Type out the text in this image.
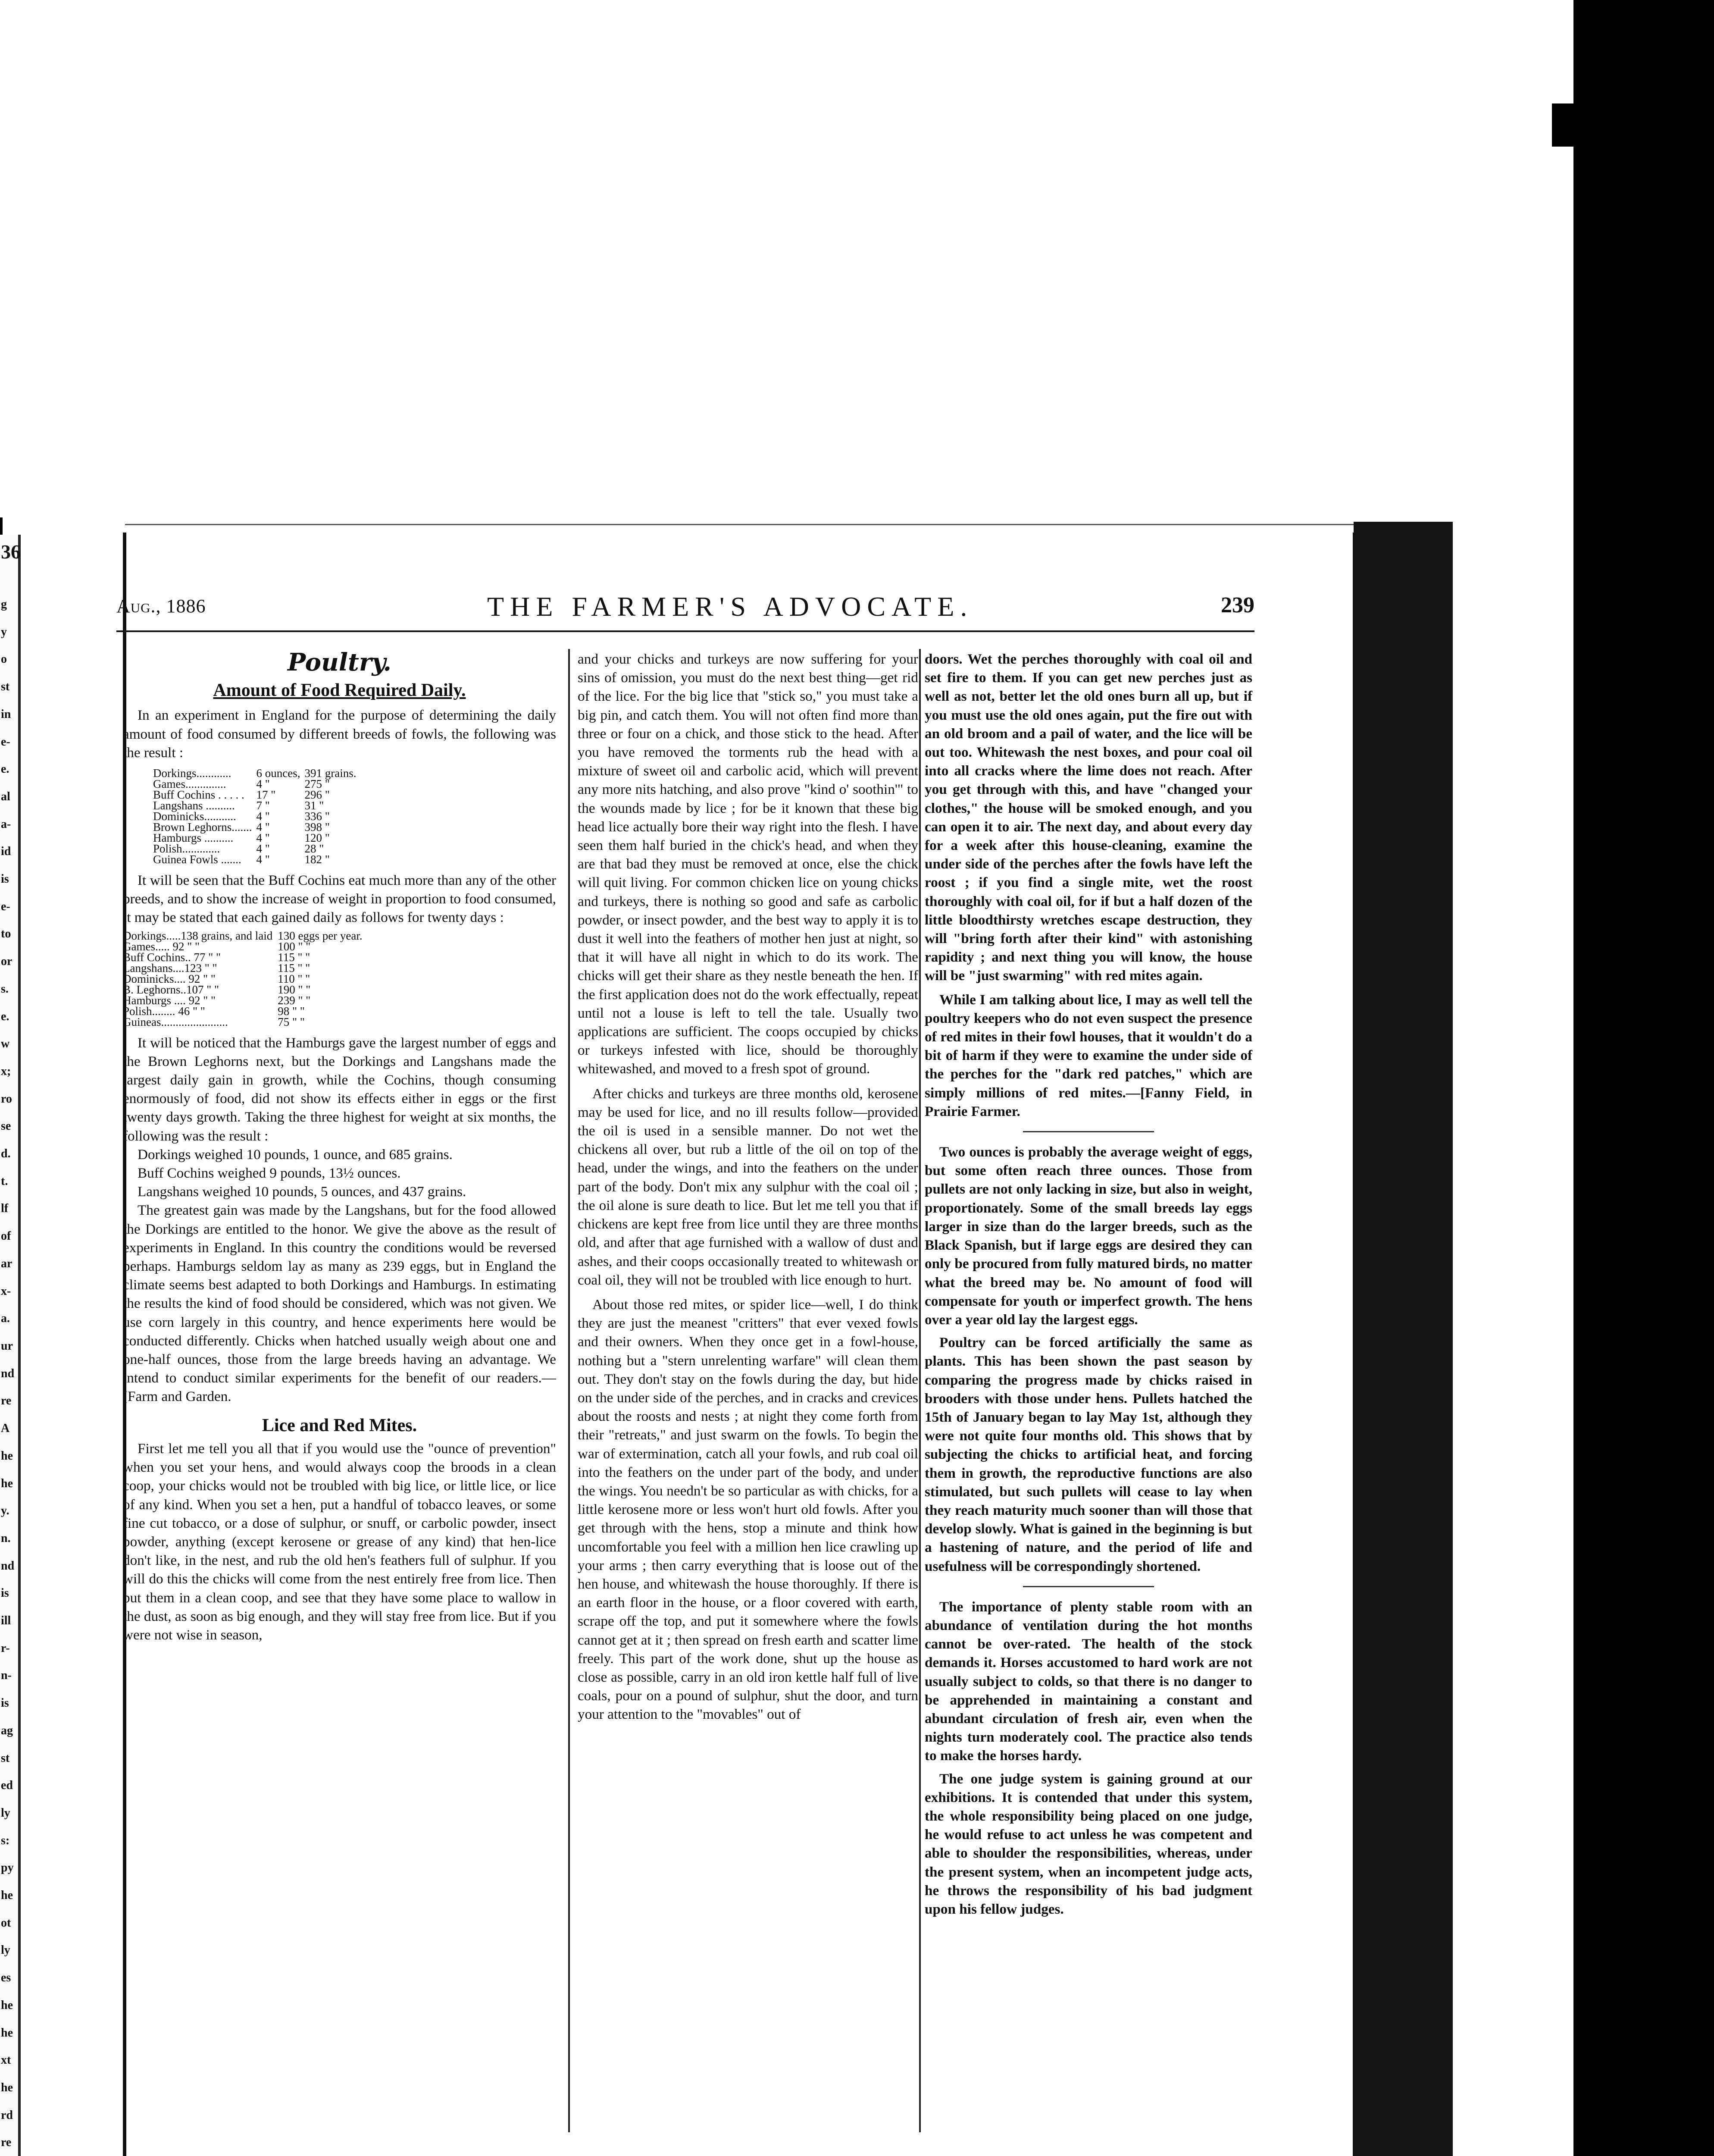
36
g
y
o
st
in
e-
e.
al
a-
id
is
e-
to
or
s.
e.
w
x;
ro
se
d.
t.
lf
of
ar
x-
a.
ur
nd
re
A
he
he
y.
n.
nd
is
ill
r-
n-
is
ag
st
ed
ly
s:
py
he
ot
ly
es
he
he
xt
he
rd
re
Aug., 1886	THE FARMER'S ADVOCATE.	239
Poultry.
Amount of Food Required Daily.

In an experiment in England for the purpose of determining the daily amount of food consumed by different breeds of fowls, the following was the result :

Dorkings............	6 ounces,	391 grains.
Games..............	4 "	275 "
Buff Cochins . . . . .	17 "	296 "
Langshans ..........	7 "	31 "
Dominicks...........	4 "	336 "
Brown Leghorns.......	4 "	398 "
Hamburgs ..........	4 "	120 "
Polish.............	4 "	28 "
Guinea Fowls .......	4 "	182 "

It will be seen that the Buff Cochins eat much more than any of the other breeds, and to show the increase of weight in proportion to food consumed, it may be stated that each gained daily as follows for twenty days :

Dorkings.....138 grains, and laid	130 eggs per year.
Games..... 92 " "	100 " "
Buff Cochins.. 77 " "	115 " "
Langshans....123 " "	115 " "
Dominicks.... 92 " "	110 " "
B. Leghorns..107 " "	190 " "
Hamburgs .... 92 " "	239 " "
Polish........ 46 " "	98 " "
Guineas.......................	75 " "

It will be noticed that the Hamburgs gave the largest number of eggs and the Brown Leghorns next, but the Dorkings and Langshans made the largest daily gain in growth, while the Cochins, though consuming enormously of food, did not show its effects either in eggs or the first twenty days growth. Taking the three highest for weight at six months, the following was the result :

Dorkings weighed 10 pounds, 1 ounce, and 685 grains.

Buff Cochins weighed 9 pounds, 13½ ounces.

Langshans weighed 10 pounds, 5 ounces, and 437 grains.

The greatest gain was made by the Langshans, but for the food allowed the Dorkings are entitled to the honor. We give the above as the result of experiments in England. In this country the conditions would be reversed perhaps. Hamburgs seldom lay as many as 239 eggs, but in England the climate seems best adapted to both Dorkings and Hamburgs. In estimating the results the kind of food should be considered, which was not given. We use corn largely in this country, and hence experiments here would be conducted differently. Chicks when hatched usually weigh about one and one-half ounces, those from the large breeds having an advantage. We intend to conduct similar experiments for the benefit of our readers.—[Farm and Garden.

Lice and Red Mites.

First let me tell you all that if you would use the "ounce of prevention" when you set your hens, and would always coop the broods in a clean coop, your chicks would not be troubled with big lice, or little lice, or lice of any kind. When you set a hen, put a handful of tobacco leaves, or some fine cut tobacco, or a dose of sulphur, or snuff, or carbolic powder, insect powder, anything (except kerosene or grease of any kind) that hen-lice don't like, in the nest, and rub the old hen's feathers full of sulphur. If you will do this the chicks will come from the nest entirely free from lice. Then put them in a clean coop, and see that they have some place to wallow in the dust, as soon as big enough, and they will stay free from lice. But if you were not wise in season,

and your chicks and turkeys are now suffering for your sins of omission, you must do the next best thing—get rid of the lice. For the big lice that "stick so," you must take a big pin, and catch them. You will not often find more than three or four on a chick, and those stick to the head. After you have removed the torments rub the head with a mixture of sweet oil and carbolic acid, which will prevent any more nits hatching, and also prove "kind o' soothin'" to the wounds made by lice ; for be it known that these big head lice actually bore their way right into the flesh. I have seen them half buried in the chick's head, and when they are that bad they must be removed at once, else the chick will quit living. For common chicken lice on young chicks and turkeys, there is nothing so good and safe as carbolic powder, or insect powder, and the best way to apply it is to dust it well into the feathers of mother hen just at night, so that it will have all night in which to do its work. The chicks will get their share as they nestle beneath the hen. If the first application does not do the work effectually, repeat until not a louse is left to tell the tale. Usually two applications are sufficient. The coops occupied by chicks or turkeys infested with lice, should be thoroughly whitewashed, and moved to a fresh spot of ground.

After chicks and turkeys are three months old, kerosene may be used for lice, and no ill results follow—provided the oil is used in a sensible manner. Do not wet the chickens all over, but rub a little of the oil on top of the head, under the wings, and into the feathers on the under part of the body. Don't mix any sulphur with the coal oil ; the oil alone is sure death to lice. But let me tell you that if chickens are kept free from lice until they are three months old, and after that age furnished with a wallow of dust and ashes, and their coops occasionally treated to whitewash or coal oil, they will not be troubled with lice enough to hurt.

About those red mites, or spider lice—well, I do think they are just the meanest "critters" that ever vexed fowls and their owners. When they once get in a fowl-house, nothing but a "stern unrelenting warfare" will clean them out. They don't stay on the fowls during the day, but hide on the under side of the perches, and in cracks and crevices about the roosts and nests ; at night they come forth from their "retreats," and just swarm on the fowls. To begin the war of extermination, catch all your fowls, and rub coal oil into the feathers on the under part of the body, and under the wings. You needn't be so particular as with chicks, for a little kerosene more or less won't hurt old fowls. After you get through with the hens, stop a minute and think how uncomfortable you feel with a million hen lice crawling up your arms ; then carry everything that is loose out of the hen house, and whitewash the house thoroughly. If there is an earth floor in the house, or a floor covered with earth, scrape off the top, and put it somewhere where the fowls cannot get at it ; then spread on fresh earth and scatter lime freely. This part of the work done, shut up the house as close as possible, carry in an old iron kettle half full of live coals, pour on a pound of sulphur, shut the door, and turn your attention to the "movables" out of

doors. Wet the perches thoroughly with coal oil and set fire to them. If you can get new perches just as well as not, better let the old ones burn all up, but if you must use the old ones again, put the fire out with an old broom and a pail of water, and the lice will be out too. Whitewash the nest boxes, and pour coal oil into all cracks where the lime does not reach. After you get through with this, and have "changed your clothes," the house will be smoked enough, and you can open it to air. The next day, and about every day for a week after this house-cleaning, examine the under side of the perches after the fowls have left the roost ; if you find a single mite, wet the roost thoroughly with coal oil, for if but a half dozen of the little bloodthirsty wretches escape destruction, they will "bring forth after their kind" with astonishing rapidity ; and next thing you will know, the house will be "just swarming" with red mites again.

While I am talking about lice, I may as well tell the poultry keepers who do not even suspect the presence of red mites in their fowl houses, that it wouldn't do a bit of harm if they were to examine the under side of the perches for the "dark red patches," which are simply millions of red mites.—[Fanny Field, in Prairie Farmer.

Two ounces is probably the average weight of eggs, but some often reach three ounces. Those from pullets are not only lacking in size, but also in weight, proportionately. Some of the small breeds lay eggs larger in size than do the larger breeds, such as the Black Spanish, but if large eggs are desired they can only be procured from fully matured birds, no matter what the breed may be. No amount of food will compensate for youth or imperfect growth. The hens over a year old lay the largest eggs.

Poultry can be forced artificially the same as plants. This has been shown the past season by comparing the progress made by chicks raised in brooders with those under hens. Pullets hatched the 15th of January began to lay May 1st, although they were not quite four months old. This shows that by subjecting the chicks to artificial heat, and forcing them in growth, the reproductive functions are also stimulated, but such pullets will cease to lay when they reach maturity much sooner than will those that develop slowly. What is gained in the beginning is but a hastening of nature, and the period of life and usefulness will be correspondingly shortened.

The importance of plenty stable room with an abundance of ventilation during the hot months cannot be over-rated. The health of the stock demands it. Horses accustomed to hard work are not usually subject to colds, so that there is no danger to be apprehended in maintaining a constant and abundant circulation of fresh air, even when the nights turn moderately cool. The practice also tends to make the horses hardy.

The one judge system is gaining ground at our exhibitions. It is contended that under this system, the whole responsibility being placed on one judge, he would refuse to act unless he was competent and able to shoulder the responsibilities, whereas, under the present system, when an incompetent judge acts, he throws the responsibility of his bad judgment upon his fellow judges.
